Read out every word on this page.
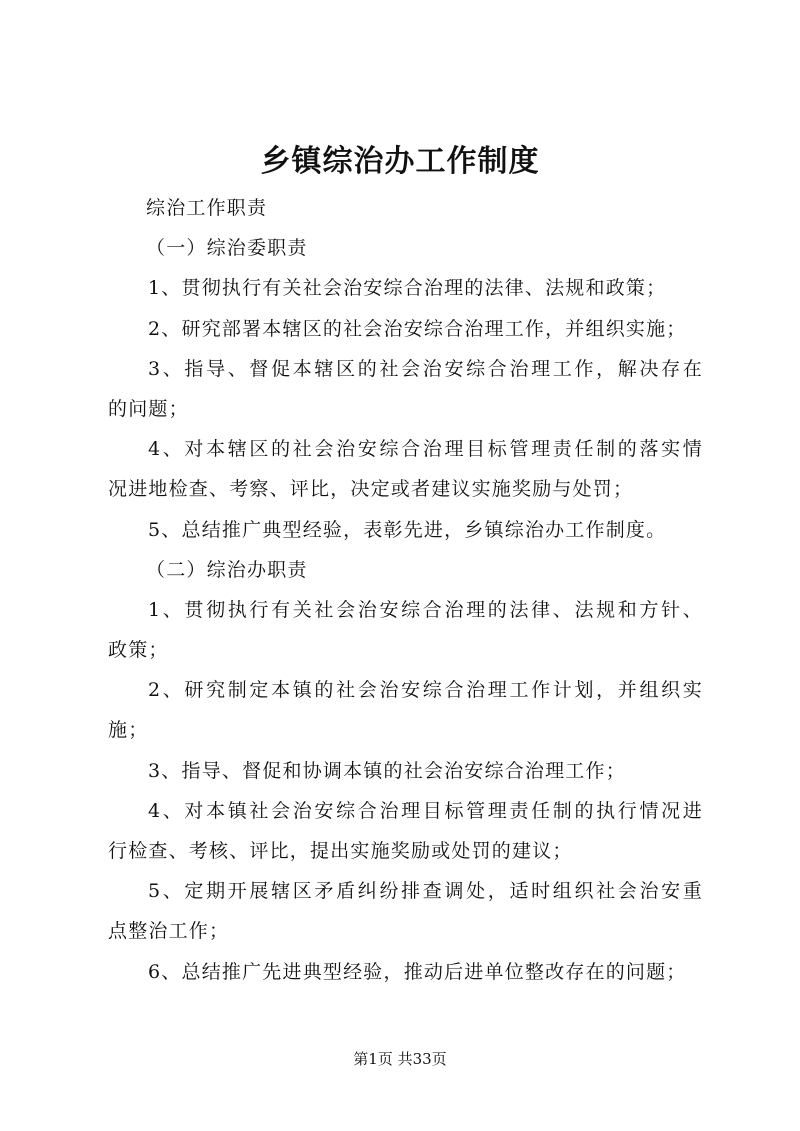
乡镇综治办工作制度
综治工作职责
（一）综治委职责
1、贯彻执行有关社会治安综合治理的法律、法规和政策；
2、研究部署本辖区的社会治安综合治理工作，并组织实施；
3、指导、督促本辖区的社会治安综合治理工作，解决存在
的问题；
4、对本辖区的社会治安综合治理目标管理责任制的落实情
况进地检查、考察、评比，决定或者建议实施奖励与处罚；
5、总结推广典型经验，表彰先进，乡镇综治办工作制度。
（二）综治办职责
1、贯彻执行有关社会治安综合治理的法律、法规和方针、
政策；
2、研究制定本镇的社会治安综合治理工作计划，并组织实
施；
3、指导、督促和协调本镇的社会治安综合治理工作；
4、对本镇社会治安综合治理目标管理责任制的执行情况进
行检查、考核、评比，提出实施奖励或处罚的建议；
5、定期开展辖区矛盾纠纷排查调处，适时组织社会治安重
点整治工作；
6、总结推广先进典型经验，推动后进单位整改存在的问题；
第1页 共33页
